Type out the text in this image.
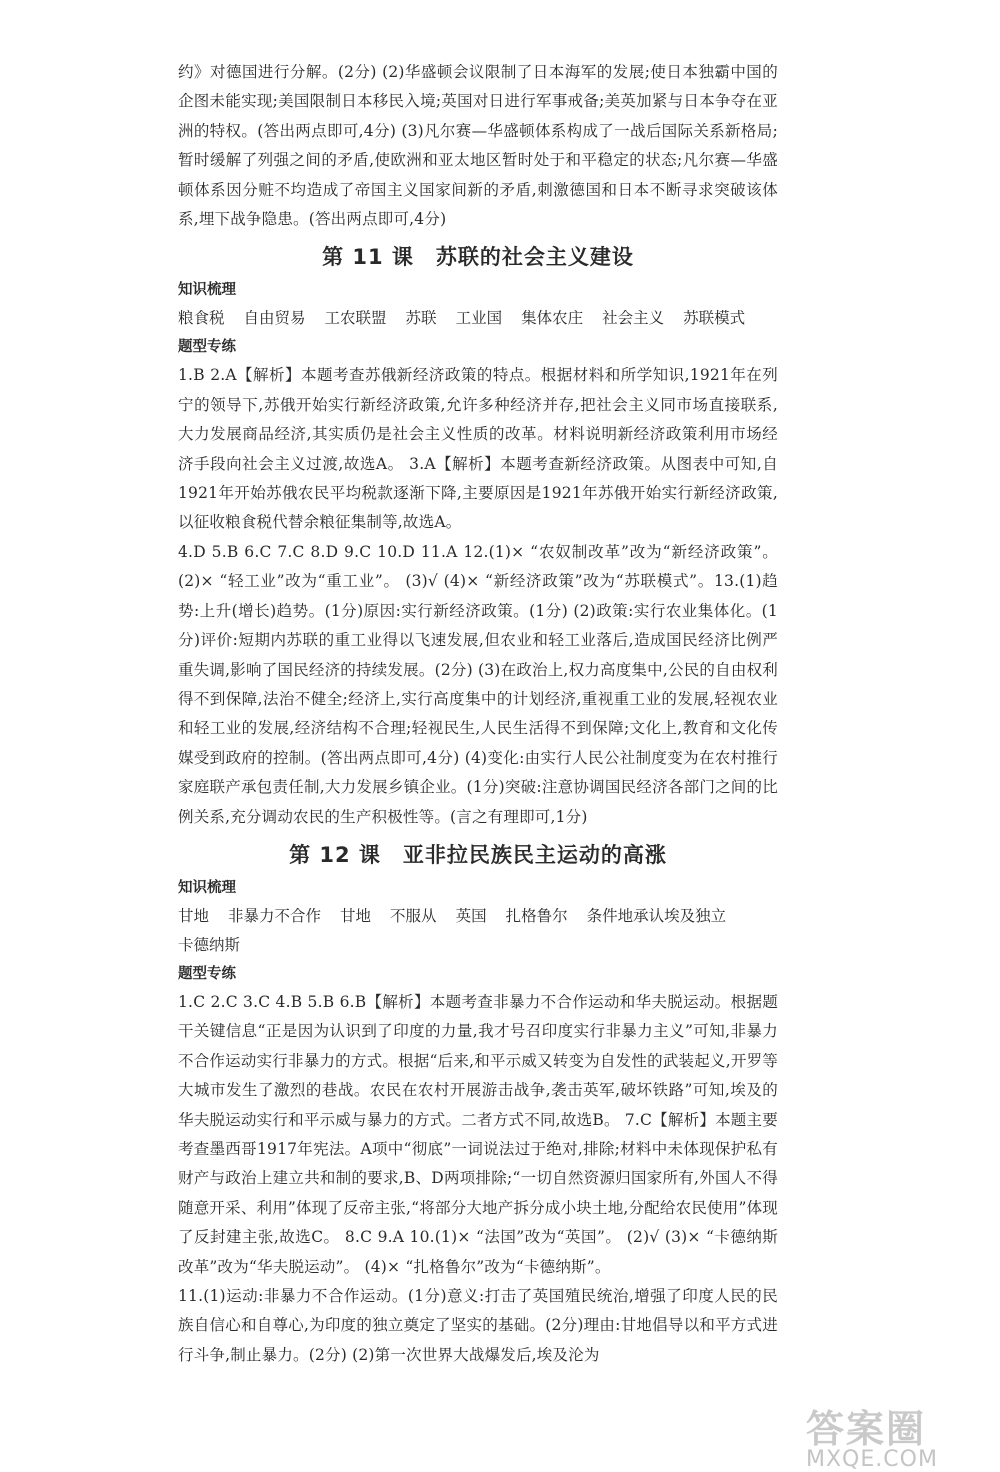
约》对德国进行分解。(2分) (2)华盛顿会议限制了日本海军的发展;使日本独霸中国的企图未能实现;美国限制日本移民入境;英国对日进行军事戒备;美英加紧与日本争夺在亚洲的特权。(答出两点即可,4分) (3)凡尔赛—华盛顿体系构成了一战后国际关系新格局;暂时缓解了列强之间的矛盾,使欧洲和亚太地区暂时处于和平稳定的状态;凡尔赛—华盛顿体系因分赃不均造成了帝国主义国家间新的矛盾,刺激德国和日本不断寻求突破该体系,埋下战争隐患。(答出两点即可,4分)

第 11 课 苏联的社会主义建设

知识梳理

粮食税 自由贸易 工农联盟 苏联 工业国 集体农庄 社会主义 苏联模式

题型专练

1.B 2.A【解析】本题考查苏俄新经济政策的特点。根据材料和所学知识,1921年在列宁的领导下,苏俄开始实行新经济政策,允许多种经济并存,把社会主义同市场直接联系,大力发展商品经济,其实质仍是社会主义性质的改革。材料说明新经济政策利用市场经济手段向社会主义过渡,故选A。 3.A【解析】本题考查新经济政策。从图表中可知,自1921年开始苏俄农民平均税款逐渐下降,主要原因是1921年苏俄开始实行新经济政策,以征收粮食税代替余粮征集制等,故选A。

4.D 5.B 6.C 7.C 8.D 9.C 10.D 11.A 12.(1)× “农奴制改革”改为“新经济政策”。 (2)× “轻工业”改为“重工业”。 (3)√ (4)× “新经济政策”改为“苏联模式”。13.(1)趋势:上升(增长)趋势。(1分)原因:实行新经济政策。(1分) (2)政策:实行农业集体化。(1分)评价:短期内苏联的重工业得以飞速发展,但农业和轻工业落后,造成国民经济比例严重失调,影响了国民经济的持续发展。(2分) (3)在政治上,权力高度集中,公民的自由权利得不到保障,法治不健全;经济上,实行高度集中的计划经济,重视重工业的发展,轻视农业和轻工业的发展,经济结构不合理;轻视民生,人民生活得不到保障;文化上,教育和文化传媒受到政府的控制。(答出两点即可,4分) (4)变化:由实行人民公社制度变为在农村推行家庭联产承包责任制,大力发展乡镇企业。(1分)突破:注意协调国民经济各部门之间的比例关系,充分调动农民的生产积极性等。(言之有理即可,1分)

第 12 课 亚非拉民族民主运动的高涨

知识梳理

甘地 非暴力不合作 甘地 不服从 英国 扎格鲁尔 条件地承认埃及独立卡德纳斯

题型专练

1.C 2.C 3.C 4.B 5.B 6.B【解析】本题考查非暴力不合作运动和华夫脱运动。根据题干关键信息“正是因为认识到了印度的力量,我才号召印度实行非暴力主义”可知,非暴力不合作运动实行非暴力的方式。根据“后来,和平示威又转变为自发性的武装起义,开罗等大城市发生了激烈的巷战。农民在农村开展游击战争,袭击英军,破坏铁路”可知,埃及的华夫脱运动实行和平示威与暴力的方式。二者方式不同,故选B。 7.C【解析】本题主要考查墨西哥1917年宪法。A项中“彻底”一词说法过于绝对,排除;材料中未体现保护私有财产与政治上建立共和制的要求,B、D两项排除;“一切自然资源归国家所有,外国人不得随意开采、利用”体现了反帝主张,“将部分大地产拆分成小块土地,分配给农民使用”体现了反封建主张,故选C。 8.C 9.A 10.(1)× “法国”改为“英国”。 (2)√ (3)× “卡德纳斯改革”改为“华夫脱运动”。 (4)× “扎格鲁尔”改为“卡德纳斯”。

11.(1)运动:非暴力不合作运动。(1分)意义:打击了英国殖民统治,增强了印度人民的民族自信心和自尊心,为印度的独立奠定了坚实的基础。(2分)理由:甘地倡导以和平方式进行斗争,制止暴力。(2分) (2)第一次世界大战爆发后,埃及沦为

答案圈
MXQE.COM
